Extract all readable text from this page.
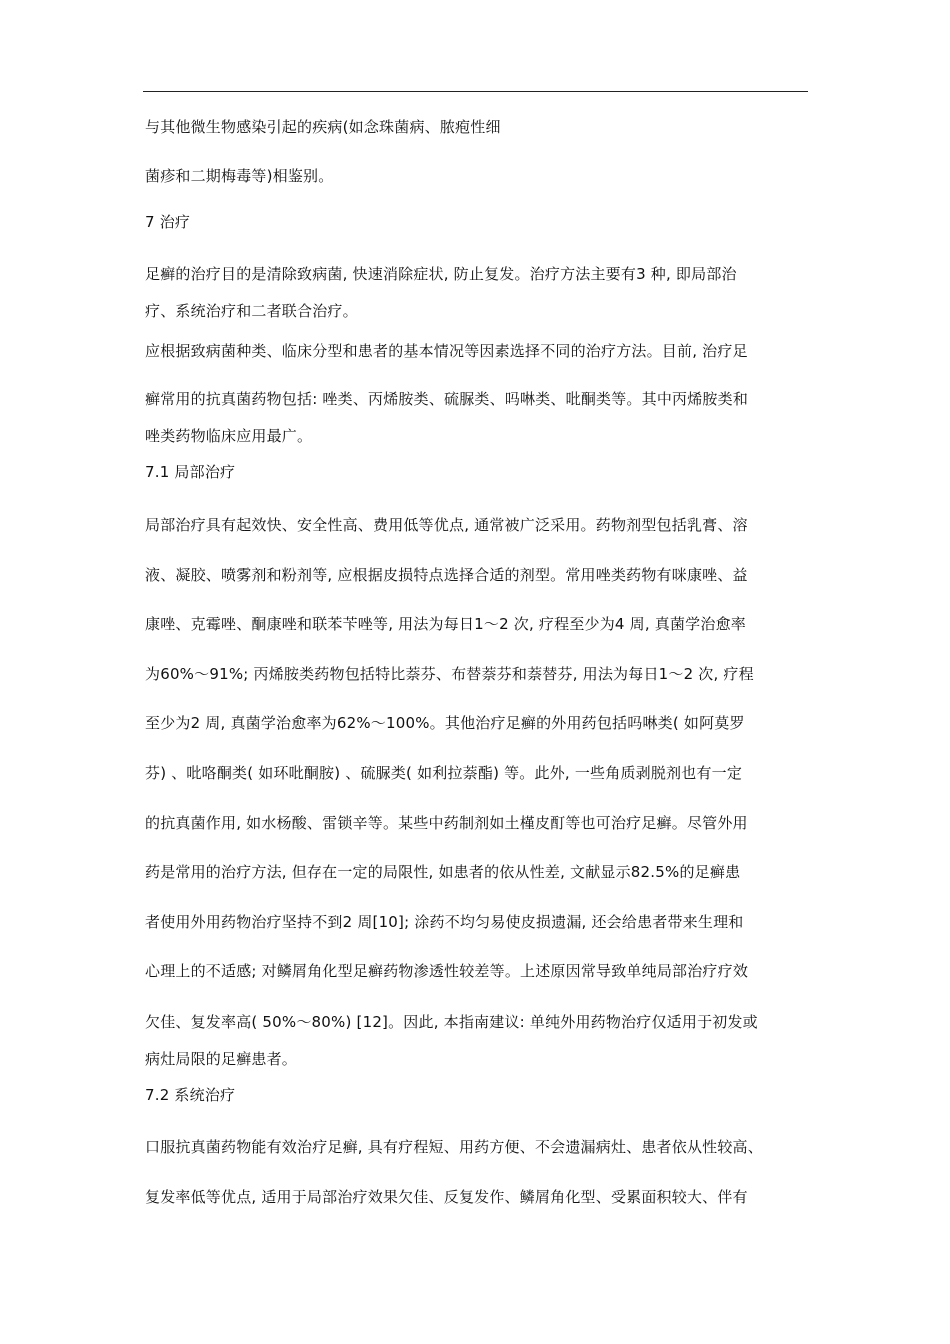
与其他微生物感染引起的疾病(如念珠菌病、脓疱性细
菌疹和二期梅毒等)相鉴别。
7 治疗
足癣的治疗目的是清除致病菌, 快速消除症状, 防止复发。治疗方法主要有3 种, 即局部治
疗、系统治疗和二者联合治疗。
应根据致病菌种类、临床分型和患者的基本情况等因素选择不同的治疗方法。目前, 治疗足
癣常用的抗真菌药物包括: 唑类、丙烯胺类、硫脲类、吗啉类、吡酮类等。其中丙烯胺类和
唑类药物临床应用最广。
7.1 局部治疗
局部治疗具有起效快、安全性高、费用低等优点, 通常被广泛采用。药物剂型包括乳膏、溶
液、凝胶、喷雾剂和粉剂等, 应根据皮损特点选择合适的剂型。常用唑类药物有咪康唑、益
康唑、克霉唑、酮康唑和联苯苄唑等, 用法为每日1～2 次, 疗程至少为4 周, 真菌学治愈率
为60%～91%; 丙烯胺类药物包括特比萘芬、布替萘芬和萘替芬, 用法为每日1～2 次, 疗程
至少为2 周, 真菌学治愈率为62%～100%。其他治疗足癣的外用药包括吗啉类( 如阿莫罗
芬) 、吡咯酮类( 如环吡酮胺) 、硫脲类( 如利拉萘酯) 等。此外, 一些角质剥脱剂也有一定
的抗真菌作用, 如水杨酸、雷锁辛等。某些中药制剂如土槿皮酊等也可治疗足癣。尽管外用
药是常用的治疗方法, 但存在一定的局限性, 如患者的依从性差, 文献显示82.5%的足癣患
者使用外用药物治疗坚持不到2 周[10]; 涂药不均匀易使皮损遗漏, 还会给患者带来生理和
心理上的不适感; 对鳞屑角化型足癣药物渗透性较差等。上述原因常导致单纯局部治疗疗效
欠佳、复发率高( 50%～80%) [12]。因此, 本指南建议: 单纯外用药物治疗仅适用于初发或
病灶局限的足癣患者。
7.2 系统治疗
口服抗真菌药物能有效治疗足癣, 具有疗程短、用药方便、不会遗漏病灶、患者依从性较高、
复发率低等优点, 适用于局部治疗效果欠佳、反复发作、鳞屑角化型、受累面积较大、伴有
